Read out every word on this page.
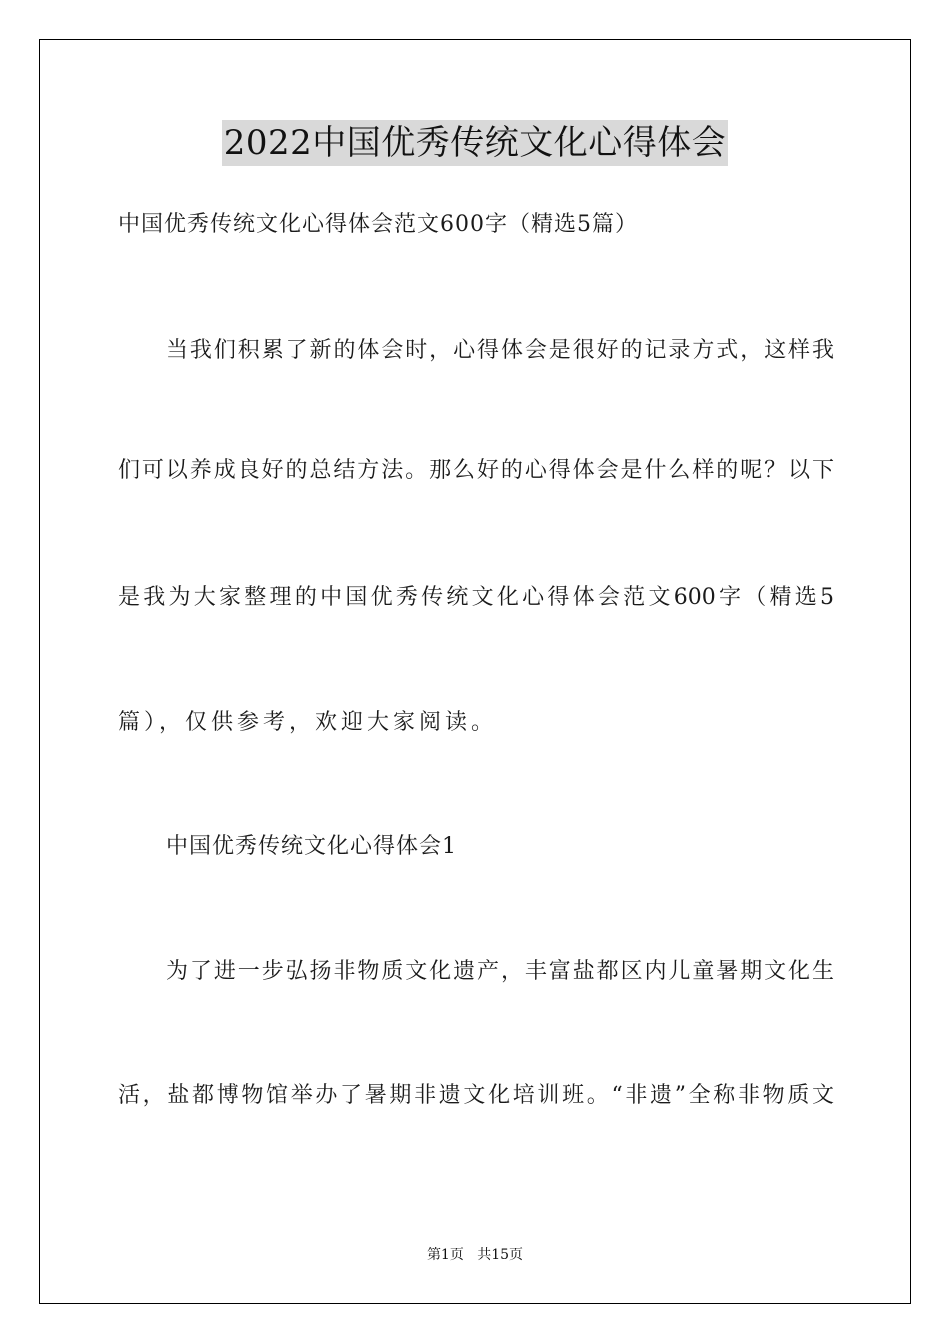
2022中国优秀传统文化心得体会
中国优秀传统文化心得体会范文600字（精选5篇）
当我们积累了新的体会时，心得体会是很好的记录方式，这样我
们可以养成良好的总结方法。那么好的心得体会是什么样的呢？以下
是我为大家整理的中国优秀传统文化心得体会范文600字（精选5
篇），仅供参考，欢迎大家阅读。
中国优秀传统文化心得体会1
为了进一步弘扬非物质文化遗产，丰富盐都区内儿童暑期文化生
活，盐都博物馆举办了暑期非遗文化培训班。“非遗”全称非物质文
第1页 共15页
